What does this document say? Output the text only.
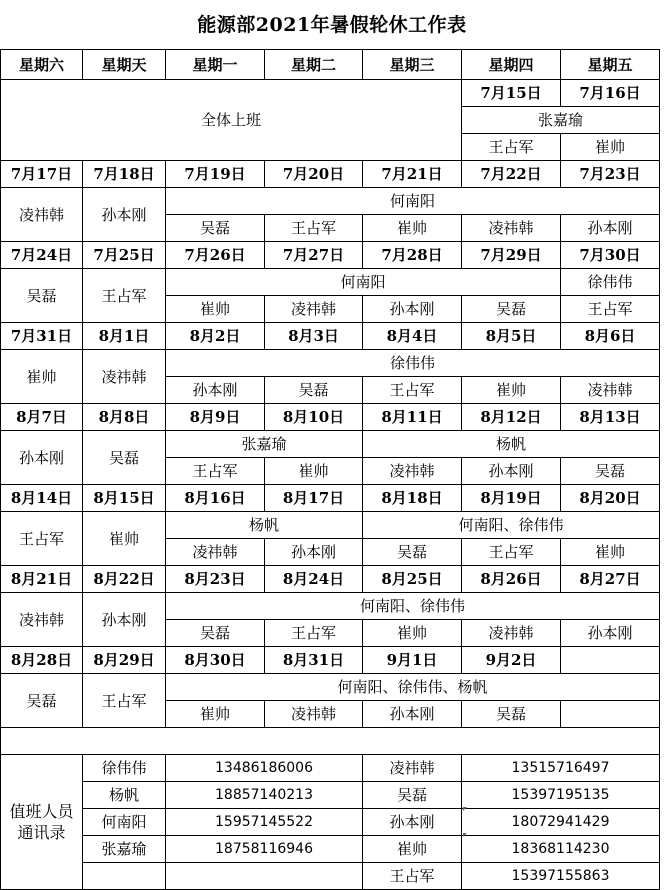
能源部2021年暑假轮休工作表
星期六	星期天	星期一	星期二	星期三	星期四	星期五
全体上班					7月15日	7月16日
					张嘉瑜	
					王占军	崔帅
7月17日	7月18日	7月19日	7月20日	7月21日	7月22日	7月23日
凌祎韩	孙本刚	何南阳				
		吴磊	王占军	崔帅	凌祎韩	孙本刚
7月24日	7月25日	7月26日	7月27日	7月28日	7月29日	7月30日
吴磊	王占军	何南阳				徐伟伟
		崔帅	凌祎韩	孙本刚	吴磊	王占军
7月31日	8月1日	8月2日	8月3日	8月4日	8月5日	8月6日
崔帅	凌祎韩	徐伟伟				
		孙本刚	吴磊	王占军	崔帅	凌祎韩
8月7日	8月8日	8月9日	8月10日	8月11日	8月12日	8月13日
孙本刚	吴磊	张嘉瑜		杨帆		
		王占军	崔帅	凌祎韩	孙本刚	吴磊
8月14日	8月15日	8月16日	8月17日	8月18日	8月19日	8月20日
王占军	崔帅	杨帆		何南阳、徐伟伟		
		凌祎韩	孙本刚	吴磊	王占军	崔帅
8月21日	8月22日	8月23日	8月24日	8月25日	8月26日	8月27日
凌祎韩	孙本刚	何南阳、徐伟伟				
		吴磊	王占军	崔帅	凌祎韩	孙本刚
8月28日	8月29日	8月30日	8月31日	9月1日	9月2日	
吴磊	王占军	何南阳、徐伟伟、杨帆				
		崔帅	凌祎韩	孙本刚	吴磊	

值班人员通讯录	徐伟伟	13486186006		凌祎韩	13515716497	
	杨帆	18857140213		吴磊	15397195135	
	何南阳	15957145522		孙本刚	18072941429	
	张嘉瑜	18758116946		崔帅	18368114230	
				王占军	15397155863	
